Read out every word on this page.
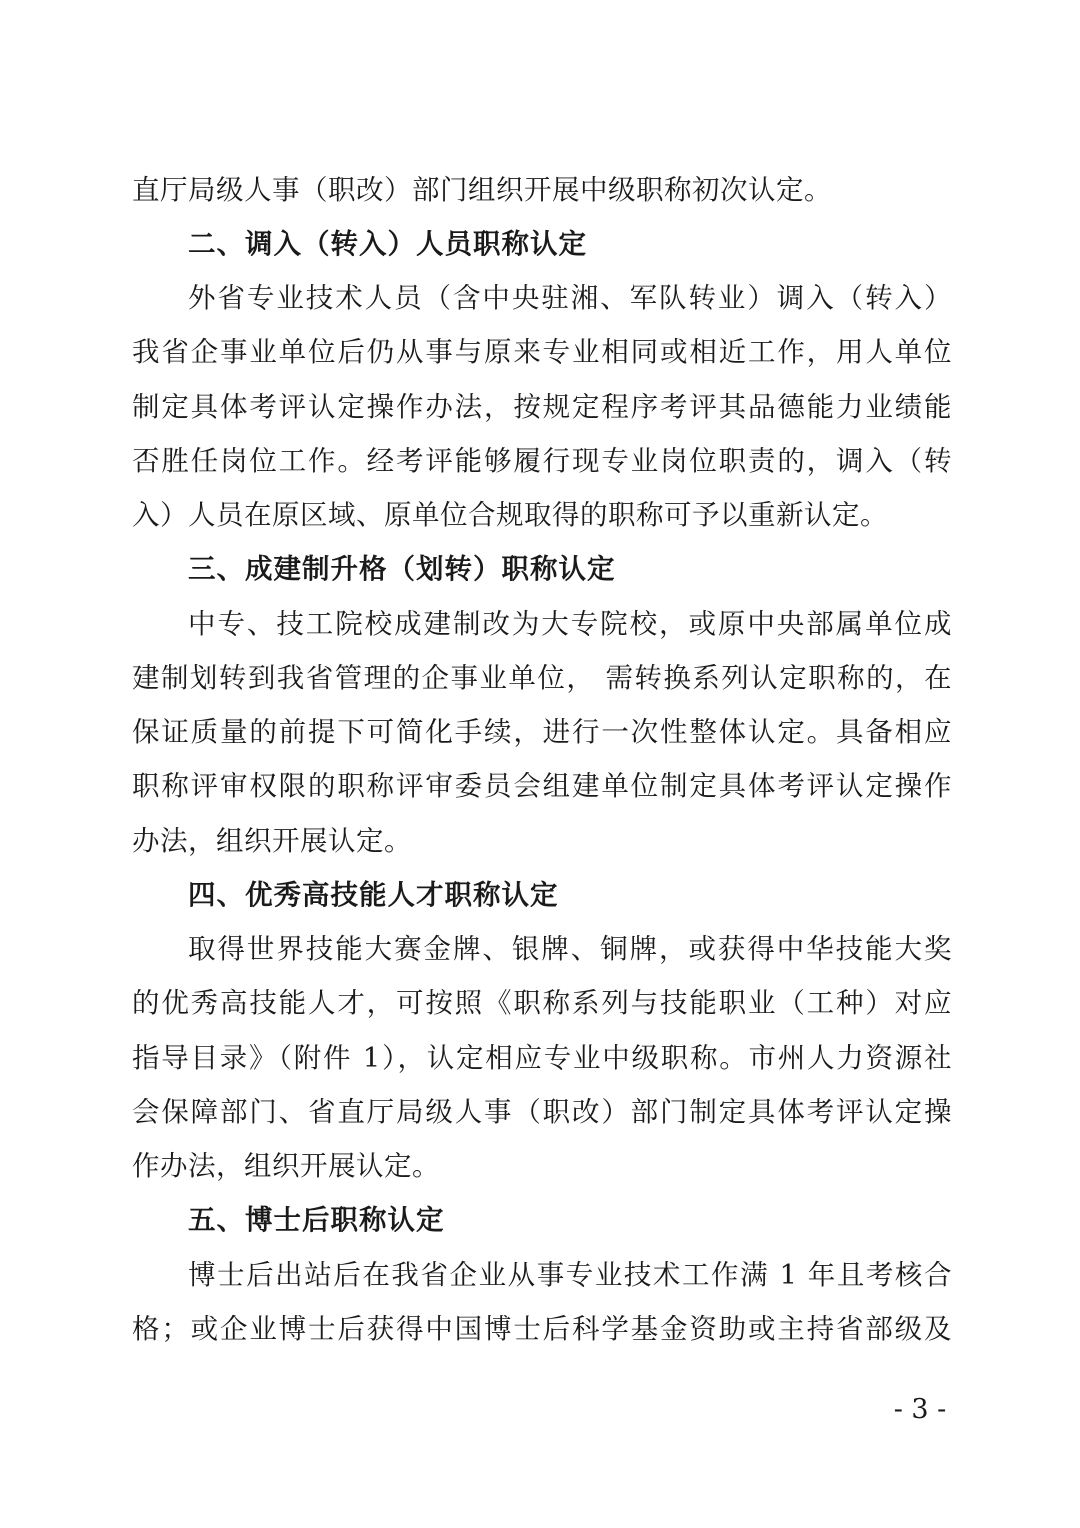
直厅局级人事（职改）部门组织开展中级职称初次认定。
二、调入（转入）人员职称认定
外省专业技术人员（含中央驻湘、军队转业）调入（转入）
我省企事业单位后仍从事与原来专业相同或相近工作，用人单位
制定具体考评认定操作办法，按规定程序考评其品德能力业绩能
否胜任岗位工作。经考评能够履行现专业岗位职责的，调入（转
入）人员在原区域、原单位合规取得的职称可予以重新认定。
三、成建制升格（划转）职称认定
中专、技工院校成建制改为大专院校，或原中央部属单位成
建制划转到我省管理的企事业单位， 需转换系列认定职称的，在
保证质量的前提下可简化手续，进行一次性整体认定。具备相应
职称评审权限的职称评审委员会组建单位制定具体考评认定操作
办法，组织开展认定。
四、优秀高技能人才职称认定
取得世界技能大赛金牌、银牌、铜牌，或获得中华技能大奖
的优秀高技能人才，可按照《职称系列与技能职业（工种）对应
指导目录》（附件 1），认定相应专业中级职称。市州人力资源社
会保障部门、省直厅局级人事（职改）部门制定具体考评认定操
作办法，组织开展认定。
五、博士后职称认定
博士后出站后在我省企业从事专业技术工作满 1 年且考核合
格；或企业博士后获得中国博士后科学基金资助或主持省部级及
- 3 -
